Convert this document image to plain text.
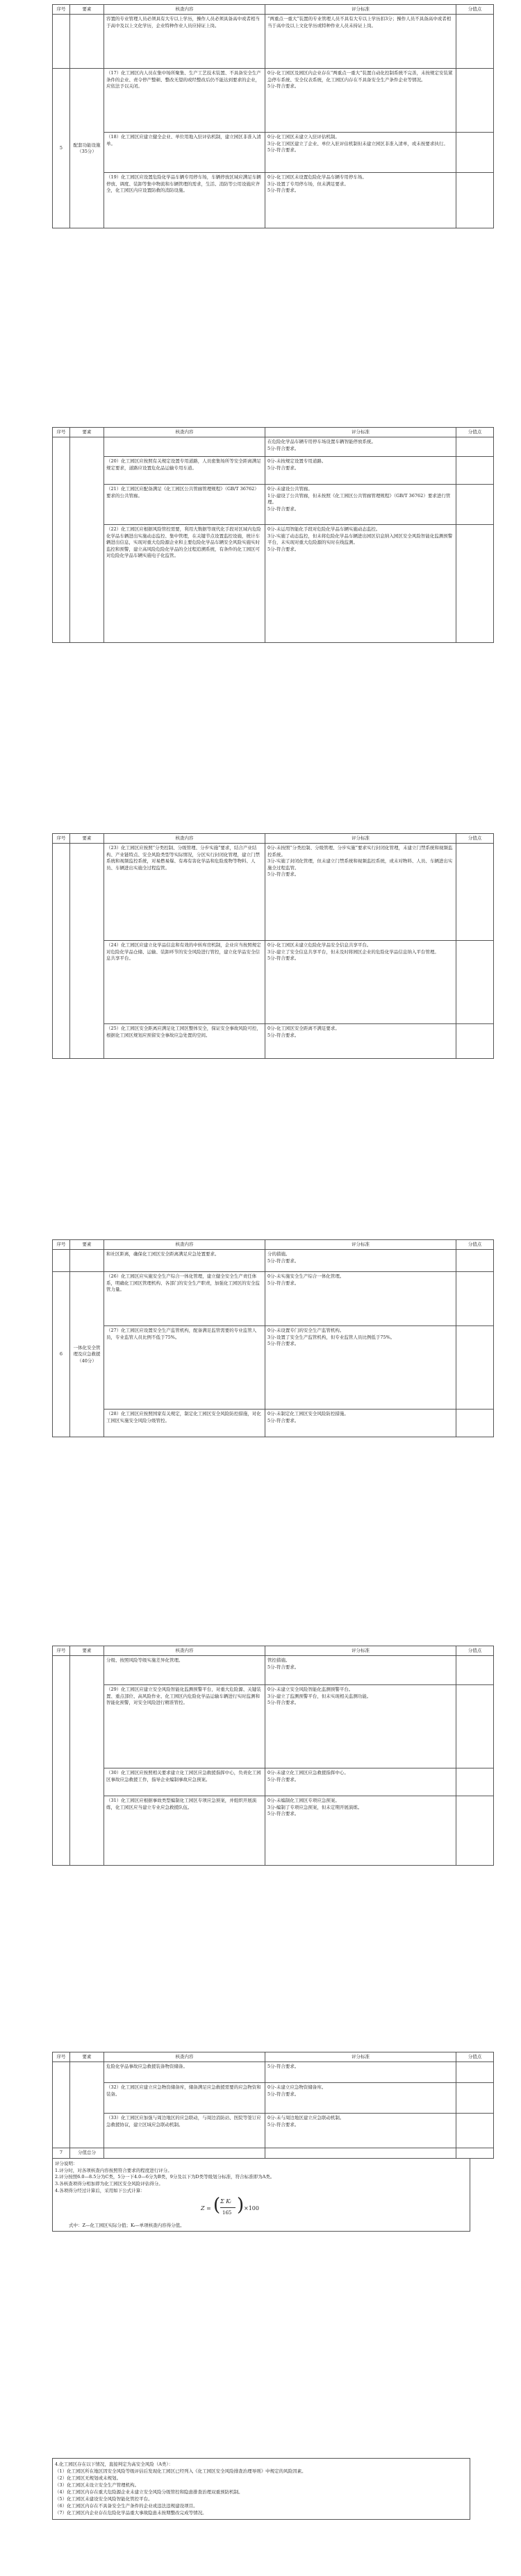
序号	要素	核查内容	评分标准	分值点
		容置的专业管理人员必须具有大专以上学历，操作人员必须具备高中或者相当于高中及以上文化学历，企业特种作业人员应持证上岗。	“两重点一重大”装置的专业管理人员不具有大专以上学历扣3分；操作人员不具备高中或者相当于高中及以上文化学历或特种作业人员未持证上岗。	
5	配套功能设施（35分）	（17）化工园区内人员在集中场所聚集、生产工艺技术装置、不具备安全生产条件的企业、责令停产整顿、整改无望的或经整改后仍不能达到要求的企业，应依法予以关闭。	0分-化工园区及园区内企业存在“两重点一重大”装置自动化控制系统不完善，未按规定安装紧急停车系统、安全仪表系统，化工园区内存在不具备安全生产条件企业等情况。
5分-符合要求。	
		（18）化工园区应建立健全企业、单位用地入驻评估机制，建立园区非准入清单。	0分-化工园区未建立入驻评估机制。
3分-化工园区建立了企业、单位入驻评估机制但未建立园区非准入清单，或未按要求执行。
5分-符合要求。	
		（19）化工园区应设置危险化学品车辆专用停车场，车辆停放区域应满足车辆停放、调度、装卸等集中物流和车辆管理的需求，生活、消防等公用设施应齐全，化工园区内应设置防救的消防设施。	0分-化工园区未设置危险化学品车辆专用停车场。
3分-设置了专用停车场，但未满足要求。
5分-符合要求。	
序号	要素	核查内容	评分标准	分值点
			在危险化学品车辆专用停车场设置车辆智能停放系统。
5分-符合要求。	
		（20）化工园区应按照有关规定设置专用道路，人员密集场所等安全距离满足规定要求，道路应设置危化品运输专用车道。	0分-未按规定设置专用道路。
5分-符合要求。	
		（21）化工园区应配备满足《化工园区公共管廊管理规程》（GB/T 36762）要求的公共管廊。	0分-未建设公共管廊。
1分-建设了公共管廊，但未按照《化工园区公共管廊管理规程》（GB/T 36762）要求进行管理。
5分-符合要求。	
		（22）化工园区应根据风险管控需要，利用大数据等现代化手段对区域内危险化学品车辆进出实施动态监控、集中管理，在关键节点设置监控设施，统计车辆进出信息，实现对重大危险源企业和主要危险化学品车辆安全风险实施实时监控和预警，建立高风险危险化学品的全过程追溯系统，有条件的化工园区可对危险化学品车辆实施电子化监管。	0分-未运用智能化手段对危险化学品车辆实施动态监控。
3分-实施了动态监控，但未将危险化学品车辆进出园区信息纳入园区安全风险智能化监测预警平台，未实现对重大危险源的实时在线监测。
5分-符合要求。	
序号	要素	核查内容	评分标准	分值点
		（23）化工园区应按照“分类控制、分级管理、分步实施”要求，结合产业结构、产业链特点、安全风险类型等实际情况，分区实行封闭化管理，建立门禁系统和视频监控系统，对易燃易爆、有毒有害化学品和危险废物等物料、人员、车辆进出实施全过程监管。	0分-未按照“分类控制、分级管理、分步实施”要求实行封闭化管理，未建立门禁系统和视频监控系统。
3分-实施了封闭化管理，但未建立门禁系统和视频监控系统，或未对物料、人员、车辆进出实施全过程监管。
5分-符合要求。	
		（24）化工园区应建立化学品信息和有效的中转库房机制，企业应当按照规定对危险化学品仓储、运输、装卸环节的安全风险进行管控，建立化学品安全信息共享平台。	0分-化工园区未建立危险化学品安全信息共享平台。
3分-建立了安全信息共享平台，但未及时将园区企业的危险化学品信息纳入平台管理。
5分-符合要求。	
		（25）化工园区安全距离应满足化工园区整体安全，保证安全事故风险可控，根据化工园区规划应预留安全事故应急处置的空间。	0分-化工园区安全距离不满足要求。
5分-符合要求。	
序号	要素	核查内容	评分标准	分值点
		和社区距离，确保化工园区安全距离满足应急处置要求。	分的措施。
5分-符合要求。	
6	一体化安全管理及应急救援（40分）	（26）化工园区应实施安全生产综合一体化管理，建立健全安全生产责任体系，明确化工园区管理机构、各部门的安全生产职责，加强化工园区的安全监管力量。	0分-未实施安全生产综合一体化管理。
5分-符合要求。	
		（27）化工园区应设置安全生产监管机构，配备满足监管需要的专业监管人员，专业监管人员比例不低于75%。	0分-未设置专门的安全生产监管机构。
3分-设置了安全生产监管机构，但专业监管人员比例低于75%。
5分-符合要求。	
		（28）化工园区应按照国家有关规定，制定化工园区安全风险防控措施，对化工园区实施安全风险分级管控。	0分-未制定化工园区安全风险防控措施。
5分-符合要求。	
序号	要素	核查内容	评分标准	分值点
		分级、按照风险等级实施差异化管理。	管控措施。
5分-符合要求。	
		（29）化工园区应建立安全风险智能化监测预警平台，对重大危险源、关键装置、重点部位、高风险作业、化工园区内危险化学品运输车辆进行实时监测和智能化预警，对安全风险进行精准管控。	0分-未建立安全风险智能化监测预警平台。
3分-建立了监测预警平台，但未实现相关监测功能。
5分-符合要求。	
		（30）化工园区应按照相关要求建立化工园区应急救援指挥中心，负责化工园区事故应急救援工作，指导企业编制事故应急预案。	0分-未建立化工园区应急救援指挥中心。
5分-符合要求。	
		（31）化工园区应根据事故类型编制化工园区专项应急预案，并组织开展演练，化工园区应当建立专业应急救援队伍。	0分-未编制化工园区专项应急预案。
3分-编制了专项应急预案，但未定期开展演练。
5分-符合要求。	
序号	要素	核查内容	评分标准	分值点
		危险化学品事故应急救援装备物资储备。	5分-符合要求。	
		（32）化工园区应建立应急物资储备库，储备满足应急救援需要的应急物资和装备。	0分-未建立应急物资储备库。
5分-符合要求。	
		（33）化工园区应加强与周边地区的应急联动，与周边消防站、医院等签订应急救援协议，建立区域应急联动机制。	0分-未与周边地区建立应急联动机制。
5分-符合要求。	
7	分值总分			
评分说明：
1.评分时，对各项核查内容按照符合要求的程度进行评分。
2.评分按照6.0—8.5分为C类，5分一下4.0—6分为B类，9分及以下为D类等级划分标准，符合标准即为A类。
3.各核查项得分相加即为化工园区安全风险评估得分。
4.各项得分经过计算后，采用如下公式计算：
Z = ( Σ Kᵢ
165 ) ×100
式中：Z—化工园区实际分值；Kᵢ—单项核查内容得分值。
4.化工园区存在以下情况，直接判定为高安全风险（A类）：
（1）化工园区所在地区因安全风险等级评估后发现化工园区已经列入《化工园区安全风险排查治理导则》中规定的风险因素。
（2）化工园区无规划或未规划。
（3）化工园区未设立安全生产管理机构。
（4）化工园区内存在重大危险源企业未建立安全风险分级管控和隐患排查治理双重预防机制。
（5）化工园区未建设安全风险智能化管控平台。
（6）化工园区内存在不具备安全生产条件的企业或违法违规建设项目。
（7）化工园区内企业存在危险化学品重大事故隐患未按期整改完成等情况。
